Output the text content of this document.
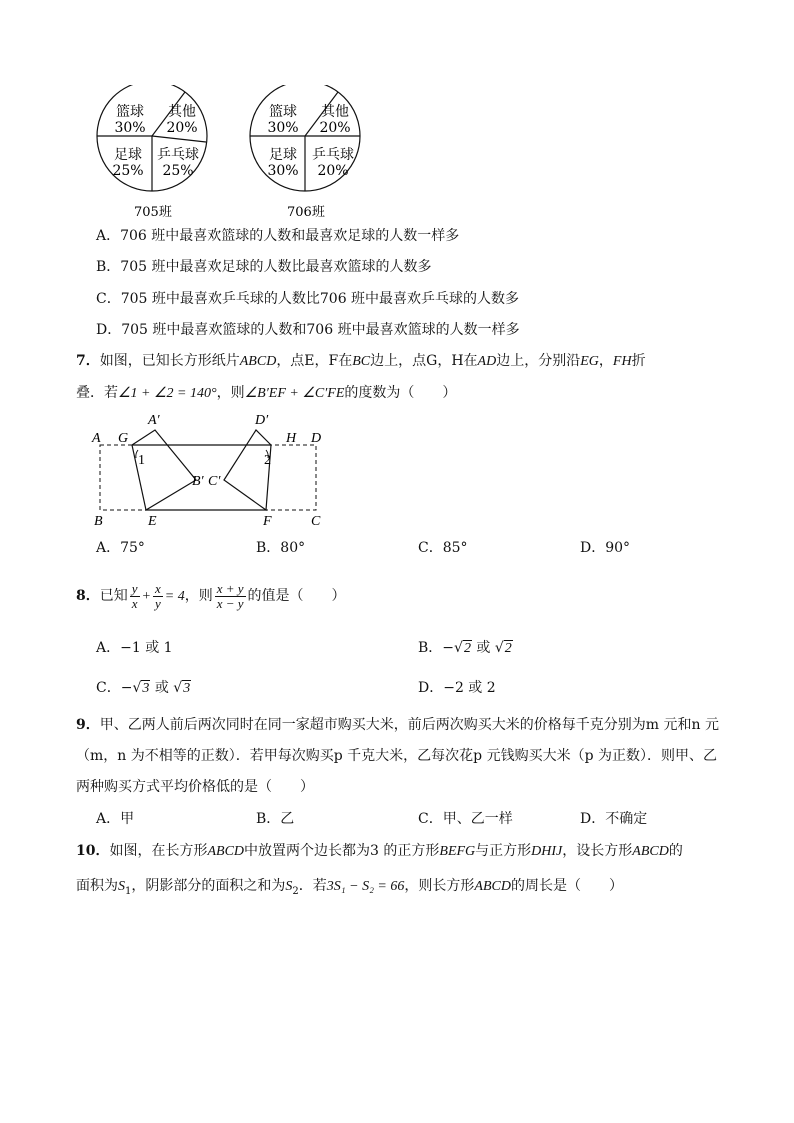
篮球
30%
其他
20%
足球
25%
乒乓球
25%
篮球
30%
其他
20%
足球
30%
乒乓球
20%
705班	706班
A．706 班中最喜欢篮球的人数和最喜欢足球的人数一样多
B．705 班中最喜欢足球的人数比最喜欢篮球的人数多
C．705 班中最喜欢乒乓球的人数比706 班中最喜欢乒乓球的人数多
D．705 班中最喜欢篮球的人数和706 班中最喜欢篮球的人数一样多
7．如图，已知长方形纸片ABCD，点E，F在BC边上，点G，H在AD边上，分别沿EG，FH折
叠．若∠1 + ∠2 = 140°，则∠B′EF + ∠C′FE的度数为（　　）
A G
A′
1
B′ C′
D′
2
H D
B	E	F	C
A．75°	B．80°	C．85°	D．90°
8．已知 $\frac{y}{x} + \frac{x}{y} = 4$，则 $\frac{x + y}{x - y}$ 的值是（　　）
A．−1 或 1	B．−√2 或 √2
C．−√3 或 √3	D．−2 或 2
9．甲、乙两人前后两次同时在同一家超市购买大米，前后两次购买大米的价格每千克分别为m 元和n 元
（m，n 为不相等的正数）．若甲每次购买p 千克大米，乙每次花p 元钱购买大米（p 为正数）．则甲、乙
两种购买方式平均价格低的是（　　）
A．甲	B．乙	C．甲、乙一样	D．不确定
10．如图，在长方形ABCD中放置两个边长都为3 的正方形BEFG与正方形DHIJ，设长方形ABCD的
面积为$S_1$，阴影部分的面积之和为$S_2$．若3S₁ − S₂ = 66，则长方形ABCD的周长是（　　）
